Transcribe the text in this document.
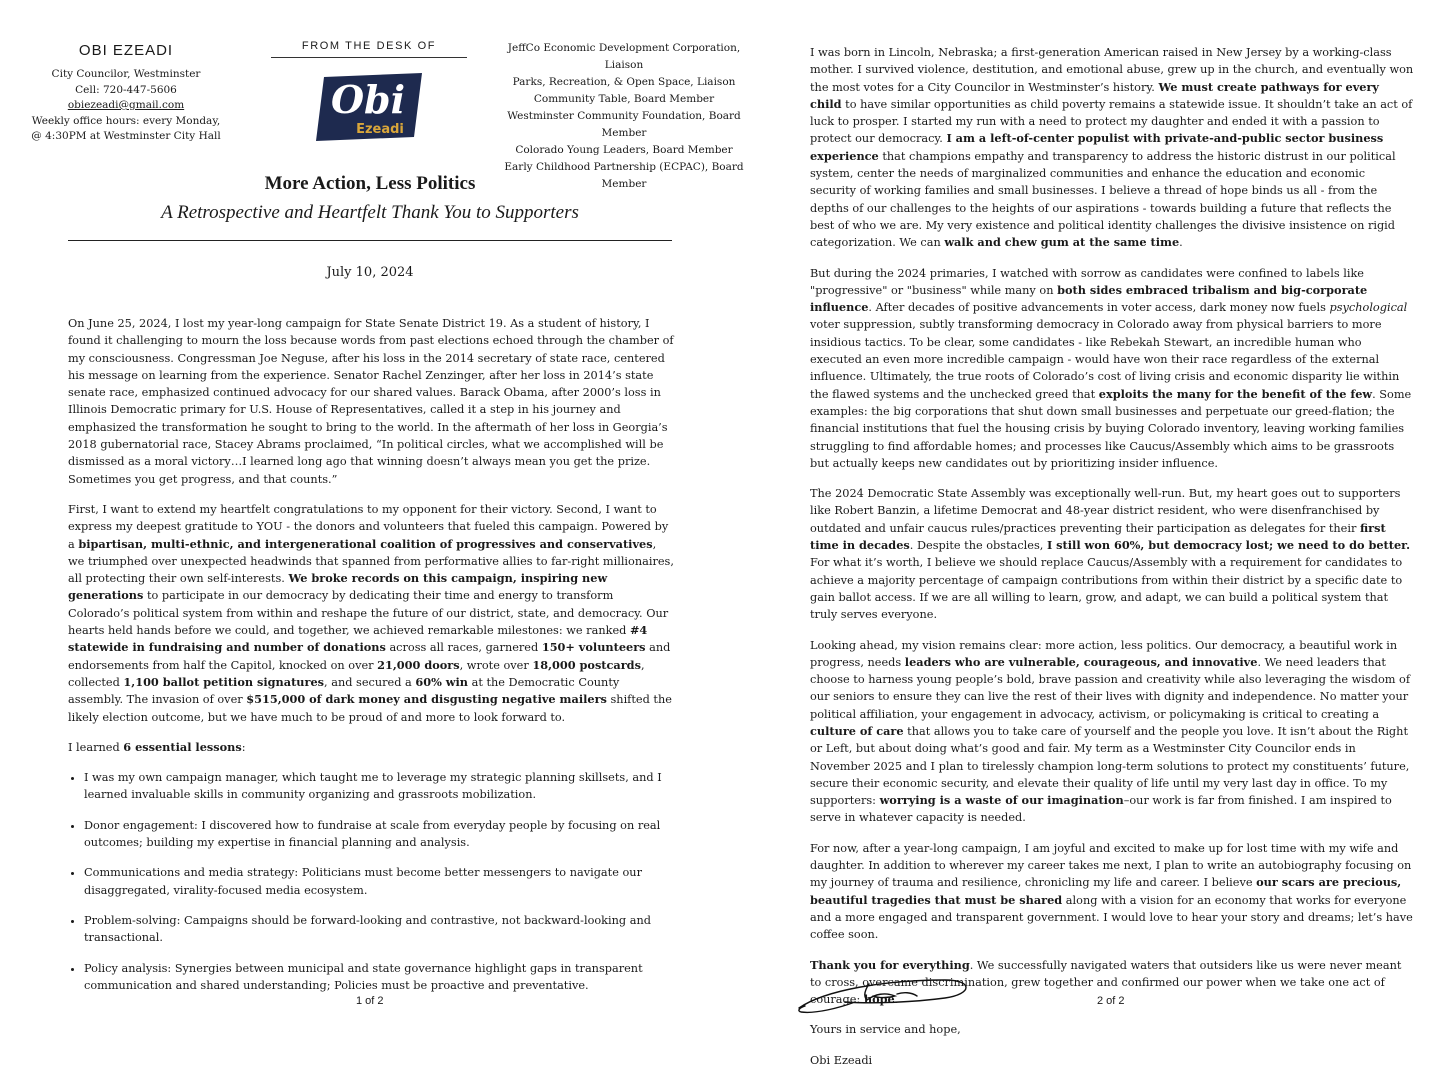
OBI EZEADI
City Councilor, Westminster
Cell: 720-447-5606
obiezeadi@gmail.com
Weekly office hours: every Monday,
@ 4:30PM at Westminster City Hall
FROM THE DESK OF
Obi
Ezeadi
JeffCo Economic Development Corporation, Liaison
Parks, Recreation, & Open Space, Liaison
Community Table, Board Member
Westminster Community Foundation, Board Member
Colorado Young Leaders, Board Member
Early Childhood Partnership (ECPAC), Board Member
More Action, Less Politics
A Retrospective and Heartfelt Thank You to Supporters
July 10, 2024

On June 25, 2024, I lost my year-long campaign for State Senate District 19. As a student of history, I found it challenging to mourn the loss because words from past elections echoed through the chamber of my consciousness. Congressman Joe Neguse, after his loss in the 2014 secretary of state race, centered his message on learning from the experience. Senator Rachel Zenzinger, after her loss in 2014’s state senate race, emphasized continued advocacy for our shared values. Barack Obama, after 2000’s loss in Illinois Democratic primary for U.S. House of Representatives, called it a step in his journey and emphasized the transformation he sought to bring to the world. In the aftermath of her loss in Georgia’s 2018 gubernatorial race, Stacey Abrams proclaimed, “In political circles, what we accomplished will be dismissed as a moral victory…I learned long ago that winning doesn’t always mean you get the prize. Sometimes you get progress, and that counts.”

First, I want to extend my heartfelt congratulations to my opponent for their victory. Second, I want to express my deepest gratitude to YOU - the donors and volunteers that fueled this campaign. Powered by a bipartisan, multi-ethnic, and intergenerational coalition of progressives and conservatives, we triumphed over unexpected headwinds that spanned from performative allies to far-right millionaires, all protecting their own self-interests. We broke records on this campaign, inspiring new generations to participate in our democracy by dedicating their time and energy to transform Colorado’s political system from within and reshape the future of our district, state, and democracy. Our hearts held hands before we could, and together, we achieved remarkable milestones: we ranked #4 statewide in fundraising and number of donations across all races, garnered 150+ volunteers and endorsements from half the Capitol, knocked on over 21,000 doors, wrote over 18,000 postcards, collected 1,100 ballot petition signatures, and secured a 60% win at the Democratic County assembly. The invasion of over $515,000 of dark money and disgusting negative mailers shifted the likely election outcome, but we have much to be proud of and more to look forward to.

I learned 6 essential lessons:

• I was my own campaign manager, which taught me to leverage my strategic planning skillsets, and I learned invaluable skills in community organizing and grassroots mobilization.
• Donor engagement: I discovered how to fundraise at scale from everyday people by focusing on real outcomes; building my expertise in financial planning and analysis.
• Communications and media strategy: Politicians must become better messengers to navigate our disaggregated, virality-focused media ecosystem.
• Problem-solving: Campaigns should be forward-looking and contrastive, not backward-looking and transactional.
• Policy analysis: Synergies between municipal and state governance highlight gaps in transparent communication and shared understanding; Policies must be proactive and preventative.
1 of 2

I was born in Lincoln, Nebraska; a first-generation American raised in New Jersey by a working-class mother. I survived violence, destitution, and emotional abuse, grew up in the church, and eventually won the most votes for a City Councilor in Westminster’s history. We must create pathways for every child to have similar opportunities as child poverty remains a statewide issue. It shouldn’t take an act of luck to prosper. I started my run with a need to protect my daughter and ended it with a passion to protect our democracy. I am a left-of-center populist with private-and-public sector business experience that champions empathy and transparency to address the historic distrust in our political system, center the needs of marginalized communities and enhance the education and economic security of working families and small businesses. I believe a thread of hope binds us all - from the depths of our challenges to the heights of our aspirations - towards building a future that reflects the best of who we are. My very existence and political identity challenges the divisive insistence on rigid categorization. We can walk and chew gum at the same time.

But during the 2024 primaries, I watched with sorrow as candidates were confined to labels like "progressive" or "business" while many on both sides embraced tribalism and big-corporate influence. After decades of positive advancements in voter access, dark money now fuels psychological voter suppression, subtly transforming democracy in Colorado away from physical barriers to more insidious tactics. To be clear, some candidates - like Rebekah Stewart, an incredible human who executed an even more incredible campaign - would have won their race regardless of the external influence. Ultimately, the true roots of Colorado’s cost of living crisis and economic disparity lie within the flawed systems and the unchecked greed that exploits the many for the benefit of the few. Some examples: the big corporations that shut down small businesses and perpetuate our greed-flation; the financial institutions that fuel the housing crisis by buying Colorado inventory, leaving working families struggling to find affordable homes; and processes like Caucus/Assembly which aims to be grassroots but actually keeps new candidates out by prioritizing insider influence.

The 2024 Democratic State Assembly was exceptionally well-run. But, my heart goes out to supporters like Robert Banzin, a lifetime Democrat and 48-year district resident, who were disenfranchised by outdated and unfair caucus rules/practices preventing their participation as delegates for their first time in decades. Despite the obstacles, I still won 60%, but democracy lost; we need to do better. For what it’s worth, I believe we should replace Caucus/Assembly with a requirement for candidates to achieve a majority percentage of campaign contributions from within their district by a specific date to gain ballot access. If we are all willing to learn, grow, and adapt, we can build a political system that truly serves everyone.

Looking ahead, my vision remains clear: more action, less politics. Our democracy, a beautiful work in progress, needs leaders who are vulnerable, courageous, and innovative. We need leaders that choose to harness young people’s bold, brave passion and creativity while also leveraging the wisdom of our seniors to ensure they can live the rest of their lives with dignity and independence. No matter your political affiliation, your engagement in advocacy, activism, or policymaking is critical to creating a culture of care that allows you to take care of yourself and the people you love. It isn’t about the Right or Left, but about doing what’s good and fair. My term as a Westminster City Councilor ends in November 2025 and I plan to tirelessly champion long-term solutions to protect my constituents’ future, secure their economic security, and elevate their quality of life until my very last day in office. To my supporters: worrying is a waste of our imagination–our work is far from finished. I am inspired to serve in whatever capacity is needed.

For now, after a year-long campaign, I am joyful and excited to make up for lost time with my wife and daughter. In addition to wherever my career takes me next, I plan to write an autobiography focusing on my journey of trauma and resilience, chronicling my life and career. I believe our scars are precious, beautiful tragedies that must be shared along with a vision for an economy that works for everyone and a more engaged and transparent government. I would love to hear your story and dreams; let’s have coffee soon.

Thank you for everything. We successfully navigated waters that outsiders like us were never meant to cross, overcame discrimination, grew together and confirmed our power when we take one act of courage: hope.

Yours in service and hope,

Obi Ezeadi

2 of 2
